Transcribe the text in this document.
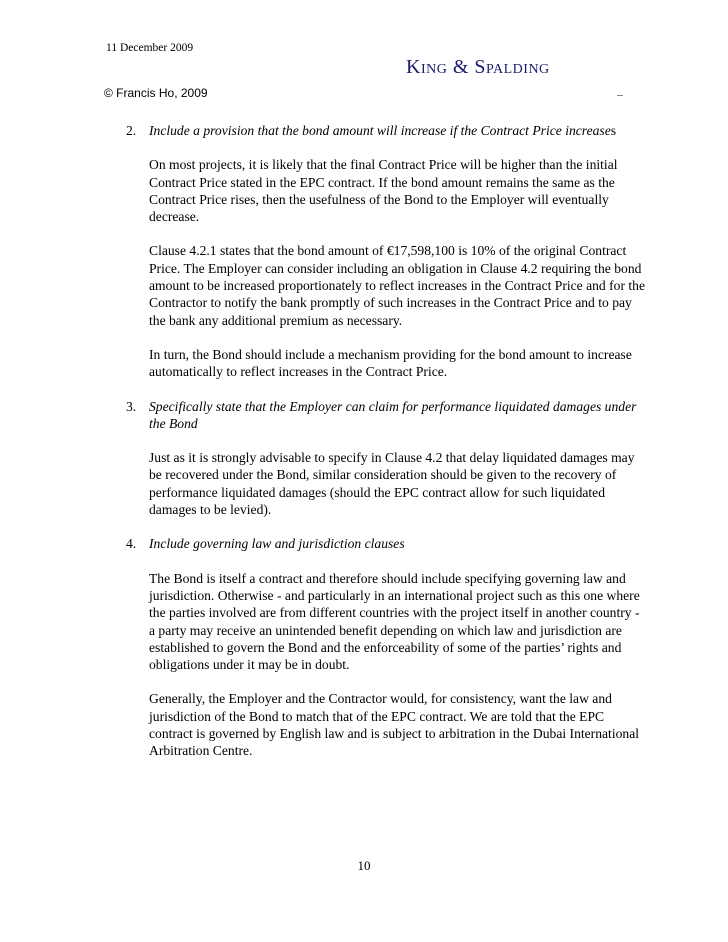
11 December 2009
King & Spalding
© Francis Ho, 2009
2. Include a provision that the bond amount will increase if the Contract Price increases

On most projects, it is likely that the final Contract Price will be higher than the initial Contract Price stated in the EPC contract. If the bond amount remains the same as the Contract Price rises, then the usefulness of the Bond to the Employer will eventually decrease.

Clause 4.2.1 states that the bond amount of €17,598,100 is 10% of the original Contract Price. The Employer can consider including an obligation in Clause 4.2 requiring the bond amount to be increased proportionately to reflect increases in the Contract Price and for the Contractor to notify the bank promptly of such increases in the Contract Price and to pay the bank any additional premium as necessary.

In turn, the Bond should include a mechanism providing for the bond amount to increase automatically to reflect increases in the Contract Price.

3. Specifically state that the Employer can claim for performance liquidated damages under the Bond

Just as it is strongly advisable to specify in Clause 4.2 that delay liquidated damages may be recovered under the Bond, similar consideration should be given to the recovery of performance liquidated damages (should the EPC contract allow for such liquidated damages to be levied).

4. Include governing law and jurisdiction clauses

The Bond is itself a contract and therefore should include specifying governing law and jurisdiction. Otherwise - and particularly in an international project such as this one where the parties involved are from different countries with the project itself in another country - a party may receive an unintended benefit depending on which law and jurisdiction are established to govern the Bond and the enforceability of some of the parties’ rights and obligations under it may be in doubt.

Generally, the Employer and the Contractor would, for consistency, want the law and jurisdiction of the Bond to match that of the EPC contract. We are told that the EPC contract is governed by English law and is subject to arbitration in the Dubai International Arbitration Centre.

10
